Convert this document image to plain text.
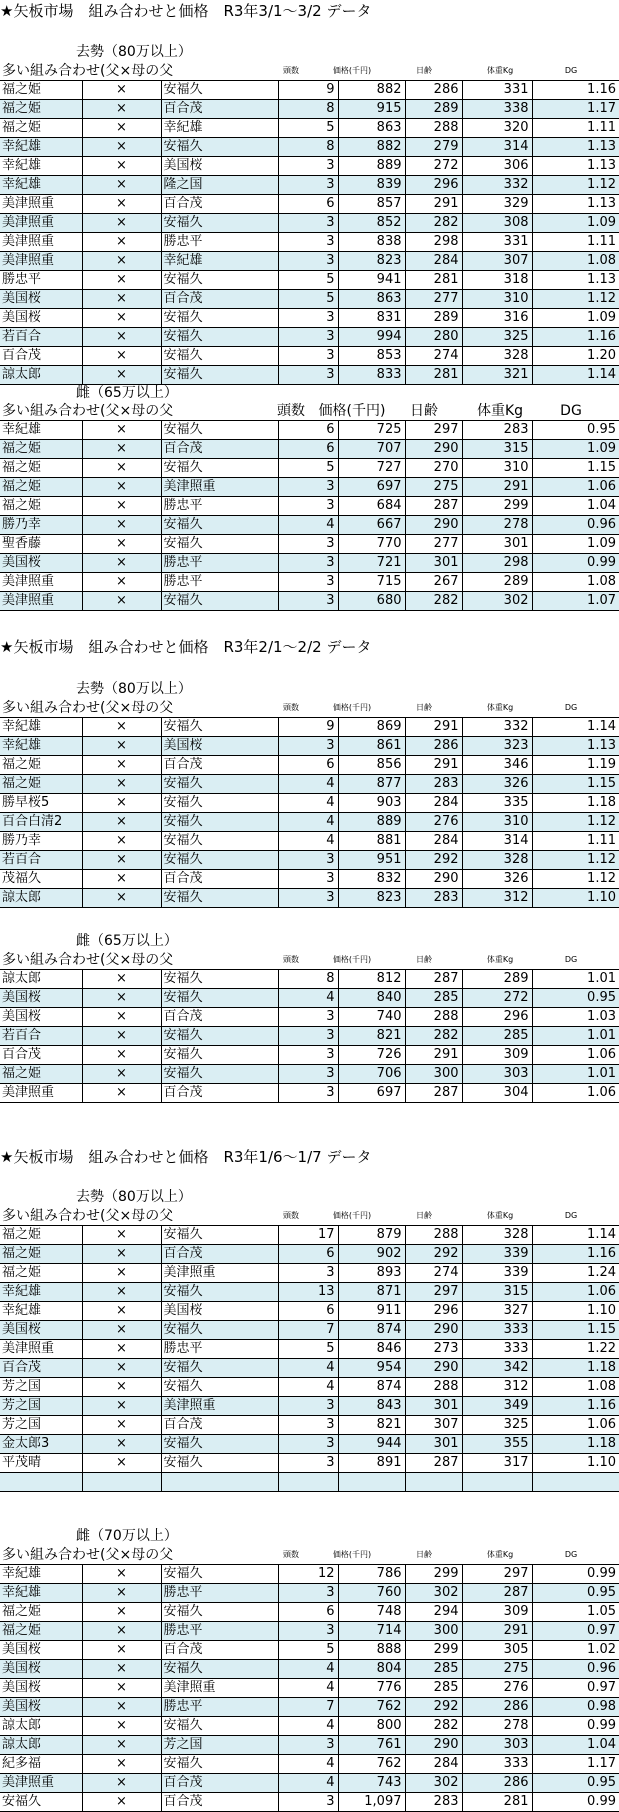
★矢板市場　組み合わせと価格　R3年3/1～3/2 データ
去勢（80万以上）
多い組み合わせ(父×母の父	頭数	価格(千円)	日齢	体重Kg	DG
福之姫	×	安福久	9	882	286	331	1.16
福之姫	×	百合茂	8	915	289	338	1.17
福之姫	×	幸紀雄	5	863	288	320	1.11
幸紀雄	×	安福久	8	882	279	314	1.13
幸紀雄	×	美国桜	3	889	272	306	1.13
幸紀雄	×	隆之国	3	839	296	332	1.12
美津照重	×	百合茂	6	857	291	329	1.13
美津照重	×	安福久	3	852	282	308	1.09
美津照重	×	勝忠平	3	838	298	331	1.11
美津照重	×	幸紀雄	3	823	284	307	1.08
勝忠平	×	安福久	5	941	281	318	1.13
美国桜	×	百合茂	5	863	277	310	1.12
美国桜	×	安福久	3	831	289	316	1.09
若百合	×	安福久	3	994	280	325	1.16
百合茂	×	安福久	3	853	274	328	1.20
諒太郎	×	安福久	3	833	281	321	1.14
雌（65万以上）
多い組み合わせ(父×母の父	頭数 価格(千円)	日齢	体重Kg	DG
幸紀雄	×	安福久	6	725	297	283	0.95
福之姫	×	百合茂	6	707	290	315	1.09
福之姫	×	安福久	5	727	270	310	1.15
福之姫	×	美津照重	3	697	275	291	1.06
福之姫	×	勝忠平	3	684	287	299	1.04
勝乃幸	×	安福久	4	667	290	278	0.96
聖香藤	×	安福久	3	770	277	301	1.09
美国桜	×	勝忠平	3	721	301	298	0.99
美津照重	×	勝忠平	3	715	267	289	1.08
美津照重	×	安福久	3	680	282	302	1.07
★矢板市場　組み合わせと価格　R3年2/1～2/2 データ
去勢（80万以上）
多い組み合わせ(父×母の父	頭数	価格(千円)	日齢	体重Kg	DG
幸紀雄	×	安福久	9	869	291	332	1.14
幸紀雄	×	美国桜	3	861	286	323	1.13
福之姫	×	百合茂	6	856	291	346	1.19
福之姫	×	安福久	4	877	283	326	1.15
勝早桜5	×	安福久	4	903	284	335	1.18
百合白清2	×	安福久	4	889	276	310	1.12
勝乃幸	×	安福久	4	881	284	314	1.11
若百合	×	安福久	3	951	292	328	1.12
茂福久	×	百合茂	3	832	290	326	1.12
諒太郎	×	安福久	3	823	283	312	1.10
雌（65万以上）
多い組み合わせ(父×母の父	頭数	価格(千円)	日齢	体重Kg	DG
諒太郎	×	安福久	8	812	287	289	1.01
美国桜	×	安福久	4	840	285	272	0.95
美国桜	×	百合茂	3	740	288	296	1.03
若百合	×	安福久	3	821	282	285	1.01
百合茂	×	安福久	3	726	291	309	1.06
福之姫	×	安福久	3	706	300	303	1.01
美津照重	×	百合茂	3	697	287	304	1.06
★矢板市場　組み合わせと価格　R3年1/6～1/7 データ
去勢（80万以上）
多い組み合わせ(父×母の父	頭数	価格(千円)	日齢	体重Kg	DG
福之姫	×	安福久	17	879	288	328	1.14
福之姫	×	百合茂	6	902	292	339	1.16
福之姫	×	美津照重	3	893	274	339	1.24
幸紀雄	×	安福久	13	871	297	315	1.06
幸紀雄	×	美国桜	6	911	296	327	1.10
美国桜	×	安福久	7	874	290	333	1.15
美津照重	×	勝忠平	5	846	273	333	1.22
百合茂	×	安福久	4	954	290	342	1.18
芳之国	×	安福久	4	874	288	312	1.08
芳之国	×	美津照重	3	843	301	349	1.16
芳之国	×	百合茂	3	821	307	325	1.06
金太郎3	×	安福久	3	944	301	355	1.18
平茂晴	×	安福久	3	891	287	317	1.10

雌（70万以上）
多い組み合わせ(父×母の父	頭数	価格(千円)	日齢	体重Kg	DG
幸紀雄	×	安福久	12	786	299	297	0.99
幸紀雄	×	勝忠平	3	760	302	287	0.95
福之姫	×	安福久	6	748	294	309	1.05
福之姫	×	勝忠平	3	714	300	291	0.97
美国桜	×	百合茂	5	888	299	305	1.02
美国桜	×	安福久	4	804	285	275	0.96
美国桜	×	美津照重	4	776	285	276	0.97
美国桜	×	勝忠平	7	762	292	286	0.98
諒太郎	×	安福久	4	800	282	278	0.99
諒太郎	×	芳之国	3	761	290	303	1.04
紀多福	×	安福久	4	762	284	333	1.17
美津照重	×	百合茂	4	743	302	286	0.95
安福久	×	百合茂	3	1,097	283	281	0.99
